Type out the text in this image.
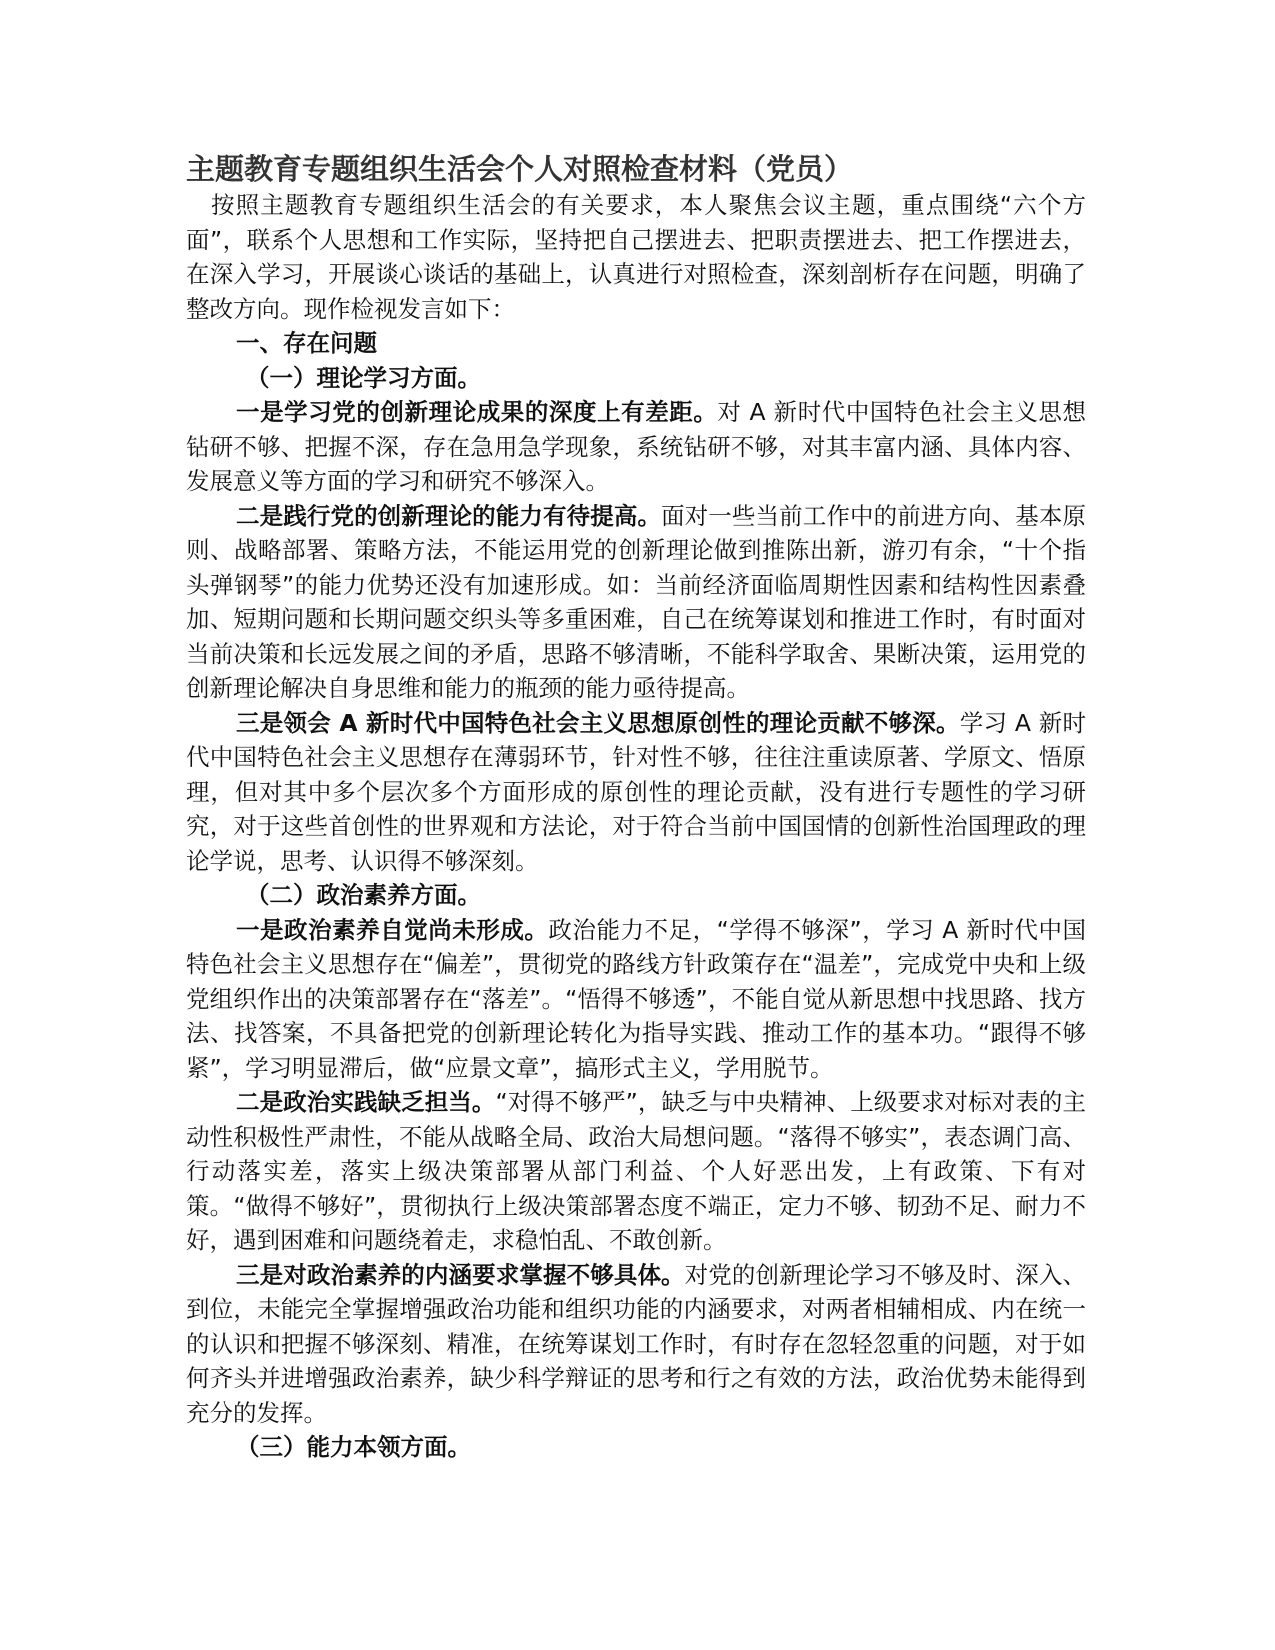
主题教育专题组织生活会个人对照检查材料（党员）

按照主题教育专题组织生活会的有关要求，本人聚焦会议主题，重点围绕“六个方面”，联系个人思想和工作实际，坚持把自己摆进去、把职责摆进去、把工作摆进去，在深入学习，开展谈心谈话的基础上，认真进行对照检查，深刻剖析存在问题，明确了整改方向。现作检视发言如下：

一、存在问题

（一）理论学习方面。

一是学习党的创新理论成果的深度上有差距。对 A 新时代中国特色社会主义思想钻研不够、把握不深，存在急用急学现象，系统钻研不够，对其丰富内涵、具体内容、发展意义等方面的学习和研究不够深入。

二是践行党的创新理论的能力有待提高。面对一些当前工作中的前进方向、基本原则、战略部署、策略方法，不能运用党的创新理论做到推陈出新，游刃有余，“十个指头弹钢琴”的能力优势还没有加速形成。如：当前经济面临周期性因素和结构性因素叠加、短期问题和长期问题交织头等多重困难，自己在统筹谋划和推进工作时，有时面对当前决策和长远发展之间的矛盾，思路不够清晰，不能科学取舍、果断决策，运用党的创新理论解决自身思维和能力的瓶颈的能力亟待提高。

三是领会 A 新时代中国特色社会主义思想原创性的理论贡献不够深。学习 A 新时代中国特色社会主义思想存在薄弱环节，针对性不够，往往注重读原著、学原文、悟原理，但对其中多个层次多个方面形成的原创性的理论贡献，没有进行专题性的学习研究，对于这些首创性的世界观和方法论，对于符合当前中国国情的创新性治国理政的理论学说，思考、认识得不够深刻。

（二）政治素养方面。

一是政治素养自觉尚未形成。政治能力不足，“学得不够深”，学习 A 新时代中国特色社会主义思想存在“偏差”，贯彻党的路线方针政策存在“温差”，完成党中央和上级党组织作出的决策部署存在“落差”。“悟得不够透”，不能自觉从新思想中找思路、找方法、找答案，不具备把党的创新理论转化为指导实践、推动工作的基本功。“跟得不够紧”，学习明显滞后，做“应景文章”，搞形式主义，学用脱节。

二是政治实践缺乏担当。“对得不够严”，缺乏与中央精神、上级要求对标对表的主动性积极性严肃性，不能从战略全局、政治大局想问题。“落得不够实”，表态调门高、行动落实差，落实上级决策部署从部门利益、个人好恶出发，上有政策、下有对策。“做得不够好”，贯彻执行上级决策部署态度不端正，定力不够、韧劲不足、耐力不好，遇到困难和问题绕着走，求稳怕乱、不敢创新。

三是对政治素养的内涵要求掌握不够具体。对党的创新理论学习不够及时、深入、到位，未能完全掌握增强政治功能和组织功能的内涵要求，对两者相辅相成、内在统一的认识和把握不够深刻、精准，在统筹谋划工作时，有时存在忽轻忽重的问题，对于如何齐头并进增强政治素养，缺少科学辩证的思考和行之有效的方法，政治优势未能得到充分的发挥。

（三）能力本领方面。
